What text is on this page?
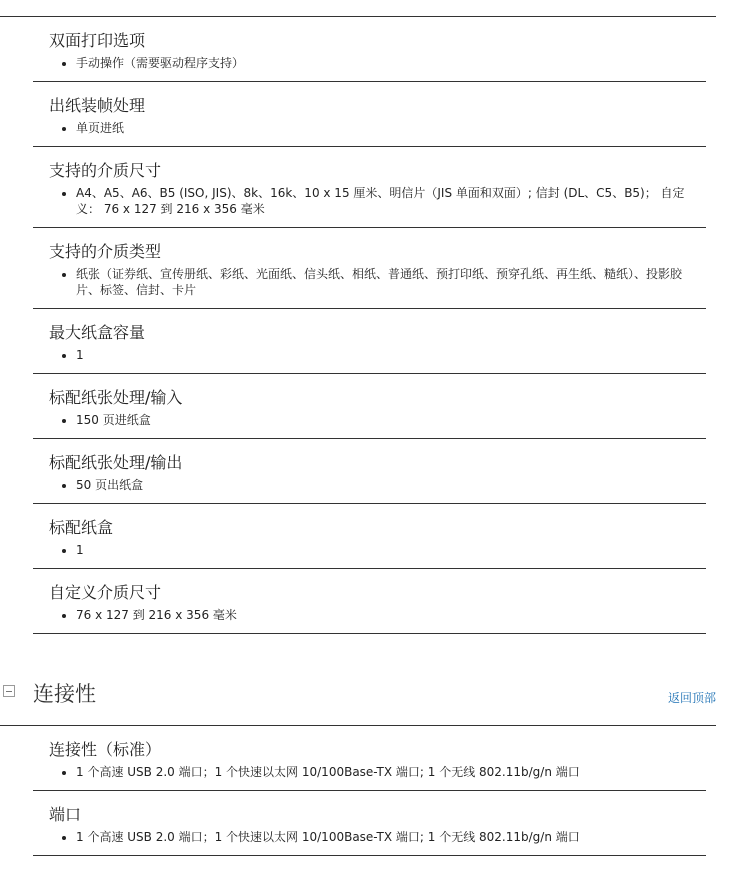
双面打印选项
• 手动操作（需要驱动程序支持）
出纸装帧处理
• 单页进纸
支持的介质尺寸
• A4、A5、A6、B5 (ISO, JIS)、8k、16k、10 x 15 厘米、明信片（JIS 单面和双面）; 信封 (DL、C5、B5)； 自定义： 76 x 127 到 216 x 356 毫米
支持的介质类型
• 纸张（证券纸、宣传册纸、彩纸、光面纸、信头纸、相纸、普通纸、预打印纸、预穿孔纸、再生纸、糙纸）、投影胶片、标签、信封、卡片
最大纸盒容量
• 1
标配纸张处理/输入
• 150 页进纸盒
标配纸张处理/输出
• 50 页出纸盒
标配纸盒
• 1
自定义介质尺寸
• 76 x 127 到 216 x 356 毫米
连接性	返回顶部
连接性（标准）
• 1 个高速 USB 2.0 端口；1 个快速以太网 10/100Base-TX 端口; 1 个无线 802.11b/g/n 端口
端口
• 1 个高速 USB 2.0 端口；1 个快速以太网 10/100Base-TX 端口; 1 个无线 802.11b/g/n 端口
